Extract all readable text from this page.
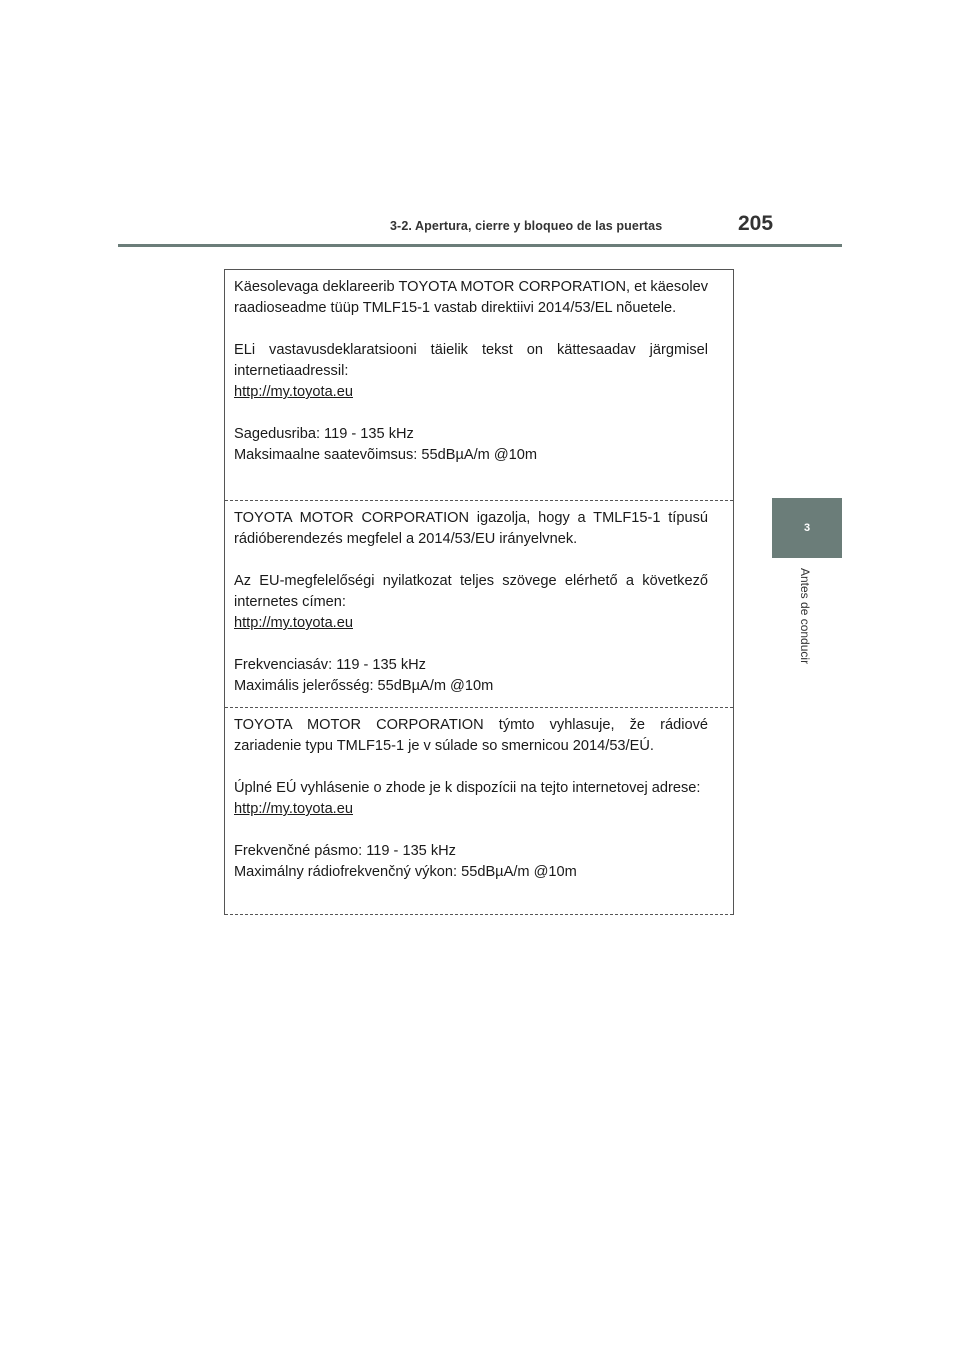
3-2. Apertura, cierre y bloqueo de las puertas	205
3
Antes de conducir

Käesolevaga deklareerib TOYOTA MOTOR CORPORATION, et käesolev raadioseadme tüüp TMLF15-1 vastab direktiivi 2014/53/EL nõuetele.

ELi vastavusdeklaratsiooni täielik tekst on kättesaadav järgmisel internetiaadressil:

http://my.toyota.eu

Sagedusriba: 119 - 135 kHz

Maksimaalne saatevõimsus: 55dBµA/m @10m

TOYOTA MOTOR CORPORATION igazolja, hogy a TMLF15-1 típusú rádióberendezés megfelel a 2014/53/EU irányelvnek.

Az EU-megfelelőségi nyilatkozat teljes szövege elérhető a következő internetes címen:

http://my.toyota.eu

Frekvenciasáv: 119 - 135 kHz

Maximális jelerősség: 55dBµA/m @10m

TOYOTA MOTOR CORPORATION týmto vyhlasuje, že rádiové zariadenie typu TMLF15-1 je v súlade so smernicou 2014/53/EÚ.

Úplné EÚ vyhlásenie o zhode je k dispozícii na tejto internetovej adrese:

http://my.toyota.eu

Frekvenčné pásmo: 119 - 135 kHz

Maximálny rádiofrekvenčný výkon: 55dBµA/m @10m
